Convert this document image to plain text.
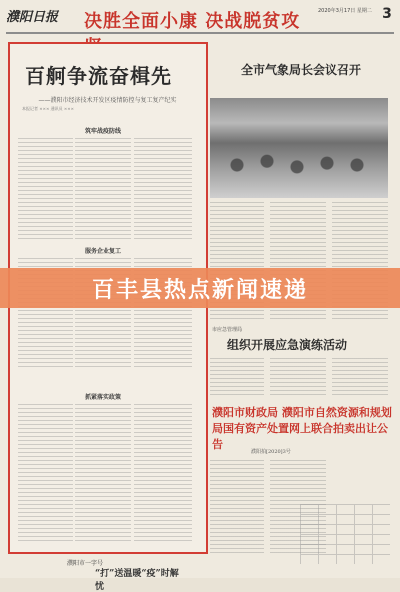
濮阳日报	决胜全面小康 决战脱贫攻	2020年3月17日 星期二 3
百舸争流奋楫先
——濮阳市经济技术开发区疫情防控与复工复产纪实
本报记者 ××× 通讯员 ×××
筑牢战疫防线
服务企业复工
抓紧落实政策
全市气象局长会议召开
市应急管理局
组织开展应急演练活动
濮阳市财政局 濮阳市自然资源和规划局国有资产处置网上联合拍卖出让公告
濮阳拍[2020]3号
濮阳市一字号
“打”送温暖“疫”时解忧
百丰县热点新闻速递
